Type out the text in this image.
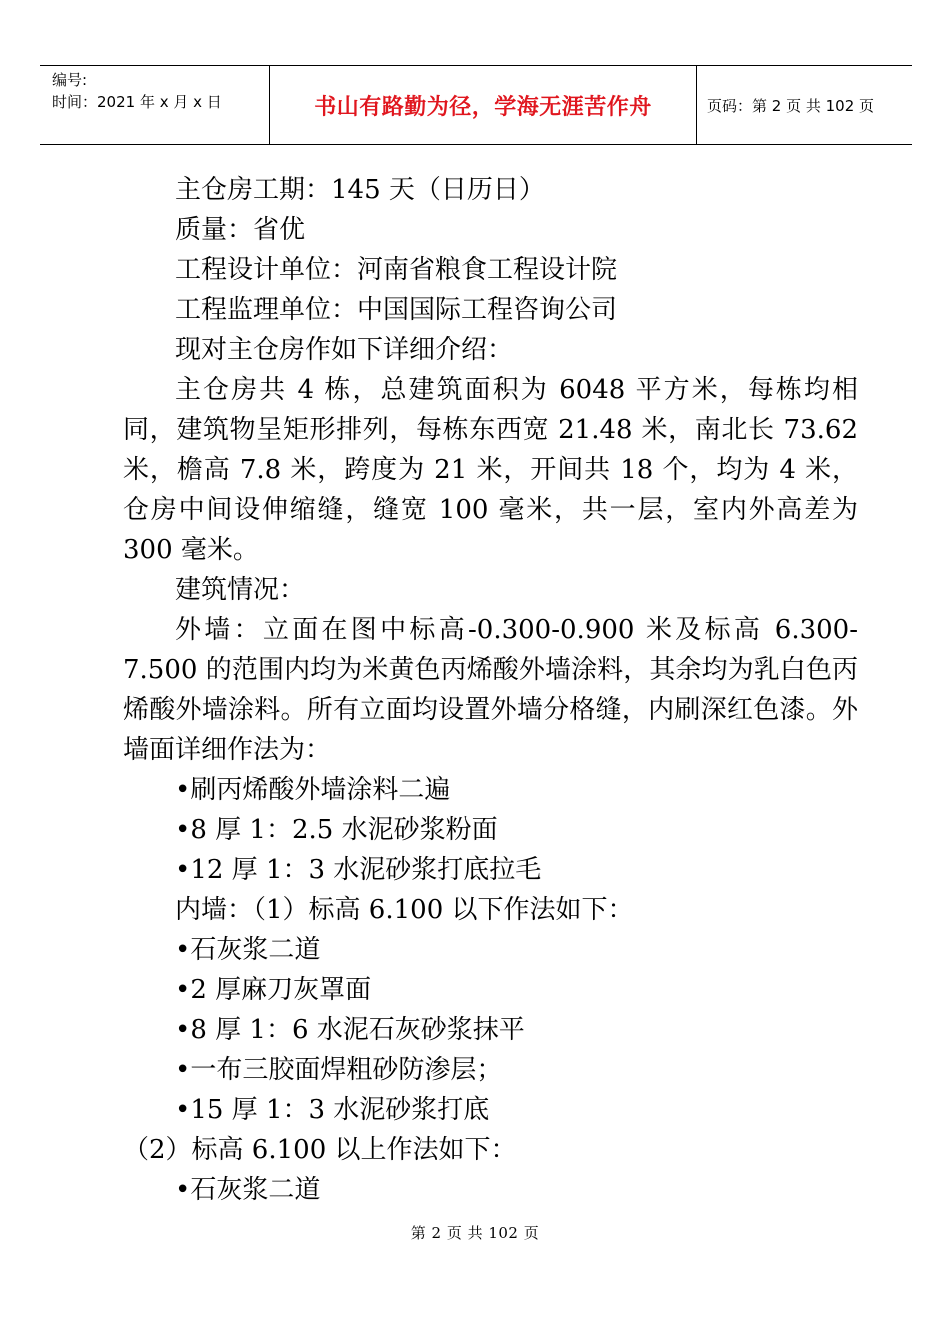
编号:
时间：2021 年 x 月 x 日	书山有路勤为径，学海无涯苦作舟	页码：第 2 页 共 102 页

主仓房工期：145 天（日历日）

质量：省优

工程设计单位：河南省粮食工程设计院

工程监理单位：中国国际工程咨询公司

现对主仓房作如下详细介绍：

主仓房共 4 栋，总建筑面积为 6048 平方米，每栋均相同，建筑物呈矩形排列，每栋东西宽 21.48 米，南北长 73.62 米，檐高 7.8 米，跨度为 21 米，开间共 18 个，均为 4 米，仓房中间设伸缩缝，缝宽 100 毫米，共一层，室内外高差为 300 毫米。

建筑情况：

外墙：立面在图中标高-0.300-0.900 米及标高 6.300-7.500 的范围内均为米黄色丙烯酸外墙涂料，其余均为乳白色丙烯酸外墙涂料。所有立面均设置外墙分格缝，内刷深红色漆。外墙面详细作法为：

•刷丙烯酸外墙涂料二遍

•8 厚 1：2.5 水泥砂浆粉面

•12 厚 1：3 水泥砂浆打底拉毛

内墙：（1）标高 6.100 以下作法如下：

•石灰浆二道

•2 厚麻刀灰罩面

•8 厚 1：6 水泥石灰砂浆抹平

•一布三胶面焊粗砂防渗层；

•15 厚 1：3 水泥砂浆打底

（2）标高 6.100 以上作法如下：

•石灰浆二道

第 2 页 共 102 页
